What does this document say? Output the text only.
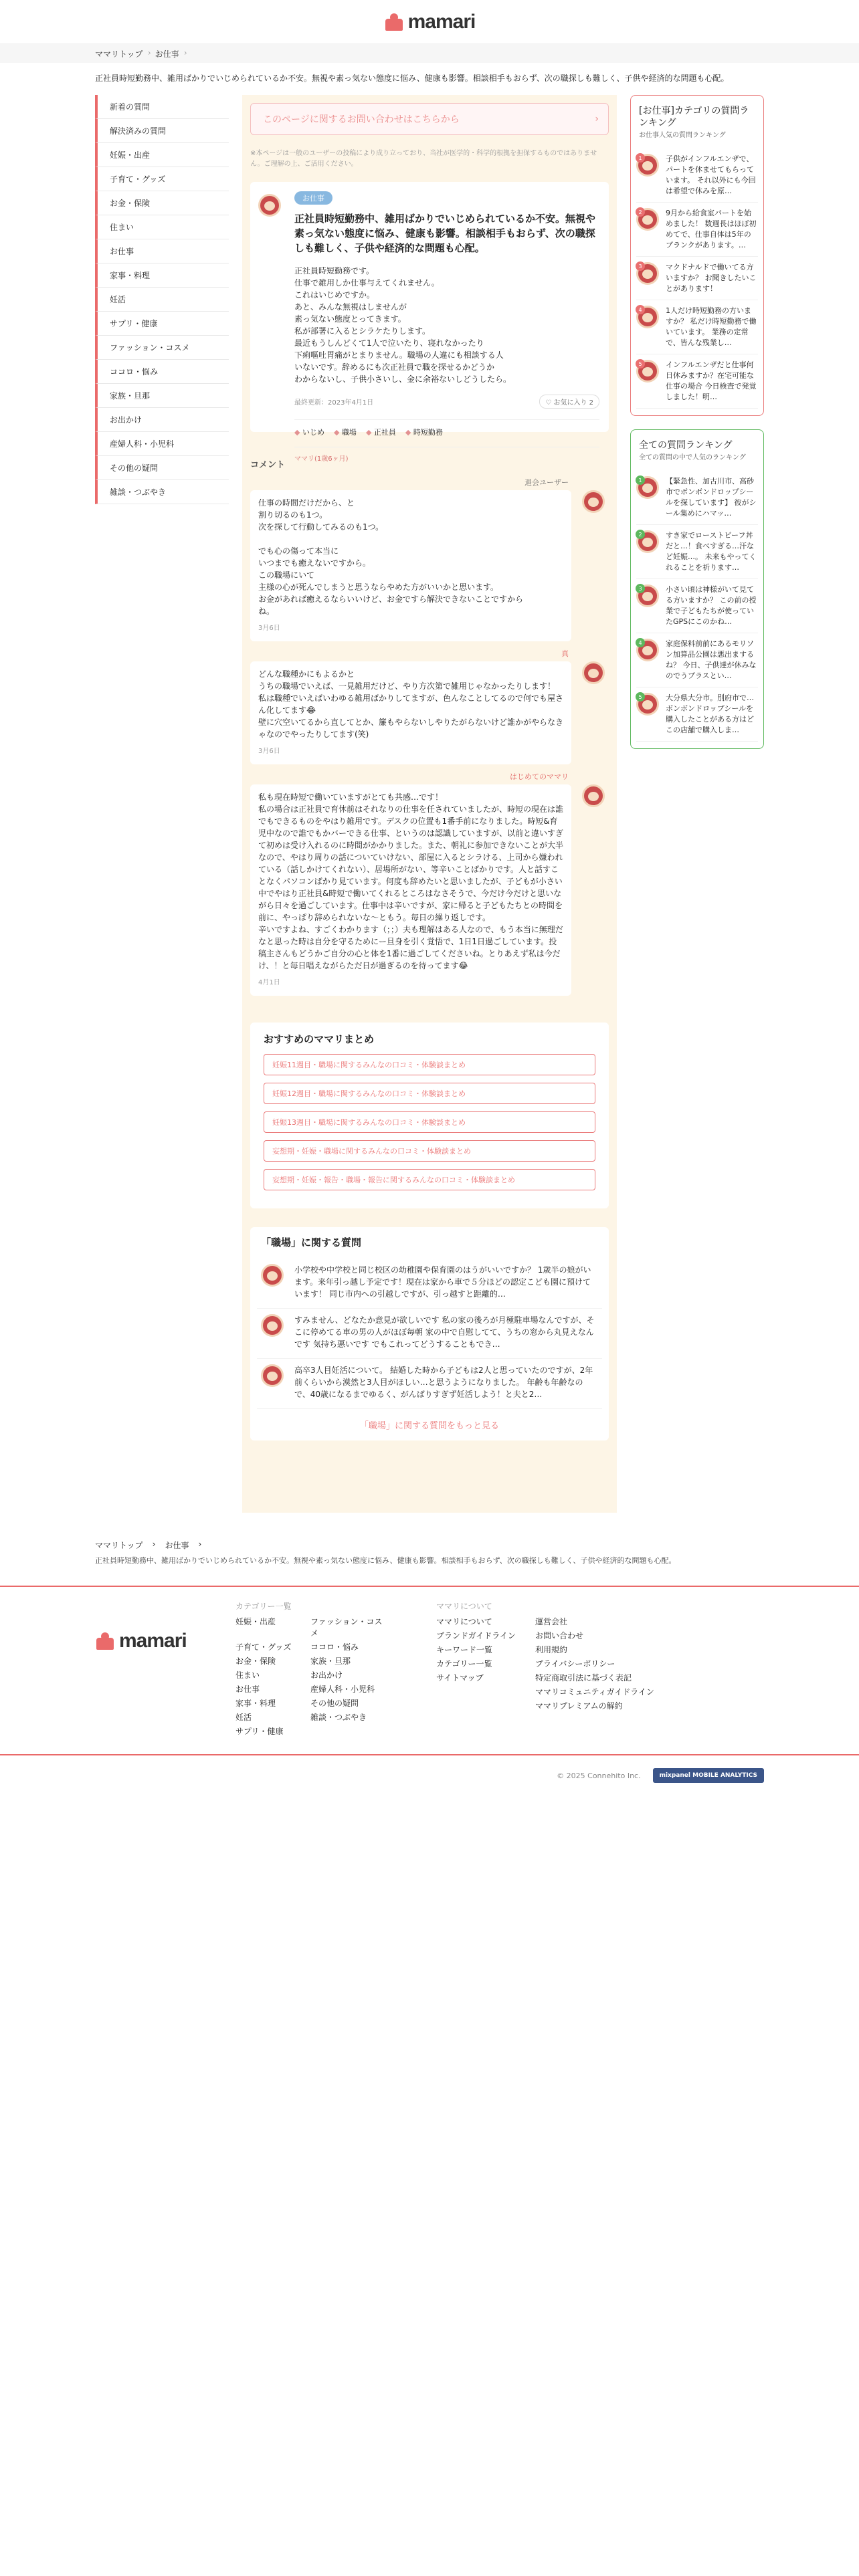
mamari
ママリトップ ›	お仕事 ›

正社員時短勤務中、雑用ばかりでいじめられているか不安。無視や素っ気ない態度に悩み、健康も影響。相談相手もおらず、次の職探しも難しく、子供や経済的な問題も心配。

新着の質問
解決済みの質問
妊娠・出産
子育て・グッズ
お金・保険
住まい
お仕事
家事・料理
妊活
サプリ・健康
ファッション・コスメ
ココロ・悩み
家族・旦那
お出かけ
産婦人科・小児科
その他の疑問
雑談・つぶやき
このページに関するお問い合わせはこちらから	›

※本ページは一般のユーザーの投稿により成り立っており、当社が医学的・科学的根拠を担保するものではありません。ご理解の上、ご活用ください。

お仕事
正社員時短勤務中、雑用ばかりでいじめられているか不安。無視や素っ気ない態度に悩み、健康も影響。相談相手もおらず、次の職探しも難しく、子供や経済的な問題も心配。

正社員時短勤務です。
仕事で雑用しか仕事与えてくれません。
これはいじめですか。
あと、みんな無視はしませんが
素っ気ない態度とってきます。
私が部署に入るとシラケたりします。
最近もうしんどくて1人で泣いたり、寝れなかったり
下痢嘔吐胃痛がとまりません。職場の人違にも相談する人
いないです。辞めるにも次正社員で職を探せるかどうか
わからないし、子供小さいし、金に余裕ないしどうしたら。

最終更新：2023年4月1日	♡ お気に入り 2
◆ いじめ	◆ 職場	◆ 正社員	◆ 時短勤務
ママリ(1歳6ヶ月)
コメント
退会ユーザー
仕事の時間だけだから、と
割り切るのも1つ。
次を探して行動してみるのも1つ。

でも心の傷って本当に
いつまでも癒えないですから。
この職場にいて
主様の心が死んでしまうと思うならやめた方がいいかと思います。
お金があれば癒えるならいいけど、お金ですら解決できないことですから
ね。
3月6日
真
どんな職種かにもよるかと
うちの職場でいえば、一見雑用だけど、やり方次第で雑用じゃなかったりします！
私は職種でいえばいわゆる雑用ばかりしてますが、色んなことしてるので何でも屋さん化してます😂
壁に穴空いてるから直してとか、簾もやらないしやりたがらないけど誰かがやらなきゃなのでやったりしてます(笑)
3月6日
はじめてのママリ
私も現在時短で働いていますがとても共感…です！
私の場合は正社員で育休前はそれなりの仕事を任されていましたが、時短の現在は誰でもできるものをやはり雑用です。デスクの位置も1番手前になりました。時短&育児中なので誰でもかバーできる仕事、というのは認識していますが、以前と違いすぎて初めは受け入れるのに時間がかかりました。また、朝礼に参加できないことが大半なので、やはり周りの話についていけない、部屋に入るとシラける、上司から嫌われている（話しかけてくれない）、居場所がない、等辛いことばかりです。人と話すことなくパソコンばかり見ています。何度も辞めたいと思いましたが、子どもが小さい中でやはり正社員&時短で働いてくれるところはなさそうで、今だけ今だけと思いながら日々を過ごしています。仕事中は辛いですが、家に帰ると子どもたちとの時間を前に、やっぱり辞められないな〜ともう。毎日の繰り返しです。
辛いですよね、すごくわかります（；；）夫も理解はある人なので、もう本当に無理だなと思った時は自分を守るためにー旦身を引く覚悟で、1日1日過ごしています。投稿主さんもどうかご自分の心と体を1番に過ごしてくださいね。とりあえず私は今だけ、！と毎日唱えながらただ日が過ぎるのを待ってます😂
4月1日
おすすめのママリまとめ
妊娠11週目・職場に関するみんなの口コミ・体験談まとめ
妊娠12週目・職場に関するみんなの口コミ・体験談まとめ
妊娠13週目・職場に関するみんなの口コミ・体験談まとめ
妄想期・妊娠・職場に関するみんなの口コミ・体験談まとめ
妄想期・妊娠・報告・職場・報告に関するみんなの口コミ・体験談まとめ
「職場」に関する質問
小学校や中学校と同じ校区の幼稚園や保育園のはうがいいですか？ 1歳半の娘がいます。来年引っ越し予定です！現在は家から車で５分ほどの認定こども園に預けています！ 同じ市内への引越しですが、引っ越すと距離的…
すみません、どなたか意見が欲しいです 私の家の後ろが月極駐車場なんですが、そこに停めてる車の男の人がほぼ毎朝 家の中で自慰してて、うちの窓から丸見えなんです 気持ち悪いです でもこれってどうすることもでき…
高卒3人目妊活について。 結婚した時から子どもは2人と思っていたのですが、2年前くらいから漠然と3人目がほしい…と思うようになりました。 年齢も年齢なので、40歳になるまでゆるく、がんばりすぎず妊活しよう！と夫と2…
「職場」に関する質問をもっと見る
[お仕事]カテゴリの質問ランキング
お仕事人気の質問ランキング
1	子供がインフルエンザで、パートを休ませてもらっています。 それ以外にも今回は希望で休みを原…
2	9月から給食室パートを始めました！ 数週長はほぼ初めてで、仕事自体は5年の ブランクがあります。…
3	マクドナルドで働いてる方いますか？ お聞きしたいことがあります！
4	1人だけ時短勤務の方いますか？ 私だけ時短勤務で働いています。 業務の定常で、皆んな残業し…
5	インフルエンザだと仕事何日休みますか？在宅可能な仕事の場合 今日検査で発覚しました！明…
全ての質問ランキング
全ての質問の中で人気のランキング
1	【緊急性、加古川市、高砂市でボンボンドロップシールを探しています】 彼がシール集めにハマッ…
2	すき家でローストビーフ丼だと…！食べすぎる…汗など妊娠…。 未来もやってくれることを祈ります…
3	小さい頃は神様がいて見てる方いますか？ この前の授業で子どもたちが使っていたGPSにこのかね…
4	家庭保料前前にあるモリソン加算品公園は悪出まするね？ 今日、子供達が休みなのでうブラスとい…
5	大分県大分市。別府市で…ボンボンドロップシールを購入したことがある方はどこの店舗で購入しま…
ママリトップ › お仕事 ›
正社員時短勤務中、雑用ばかりでいじめられているか不安。無視や素っ気ない態度に悩み、健康も影響。相談相手もおらず、次の職探しも難しく、子供や経済的な問題も心配。
mamari
カテゴリー一覧
妊娠・出産	ファッション・コスメ
子育て・グッズ	ココロ・悩み
お金・保険	家族・旦那
住まい	お出かけ
お仕事	産婦人科・小児科
家事・料理	その他の疑問
妊活	雑談・つぶやき
サプリ・健康
ママリについて
ママリについて	運営会社
ブランドガイドライン	お問い合わせ
キーワード一覧	利用規約
カテゴリー一覧	プライバシーポリシー
サイトマップ	特定商取引法に基づく表記
ママリコミュニティガイドライン
ママリプレミアムの解約
© 2025 Connehito Inc.	mixpanel MOBILE ANALYTICS
